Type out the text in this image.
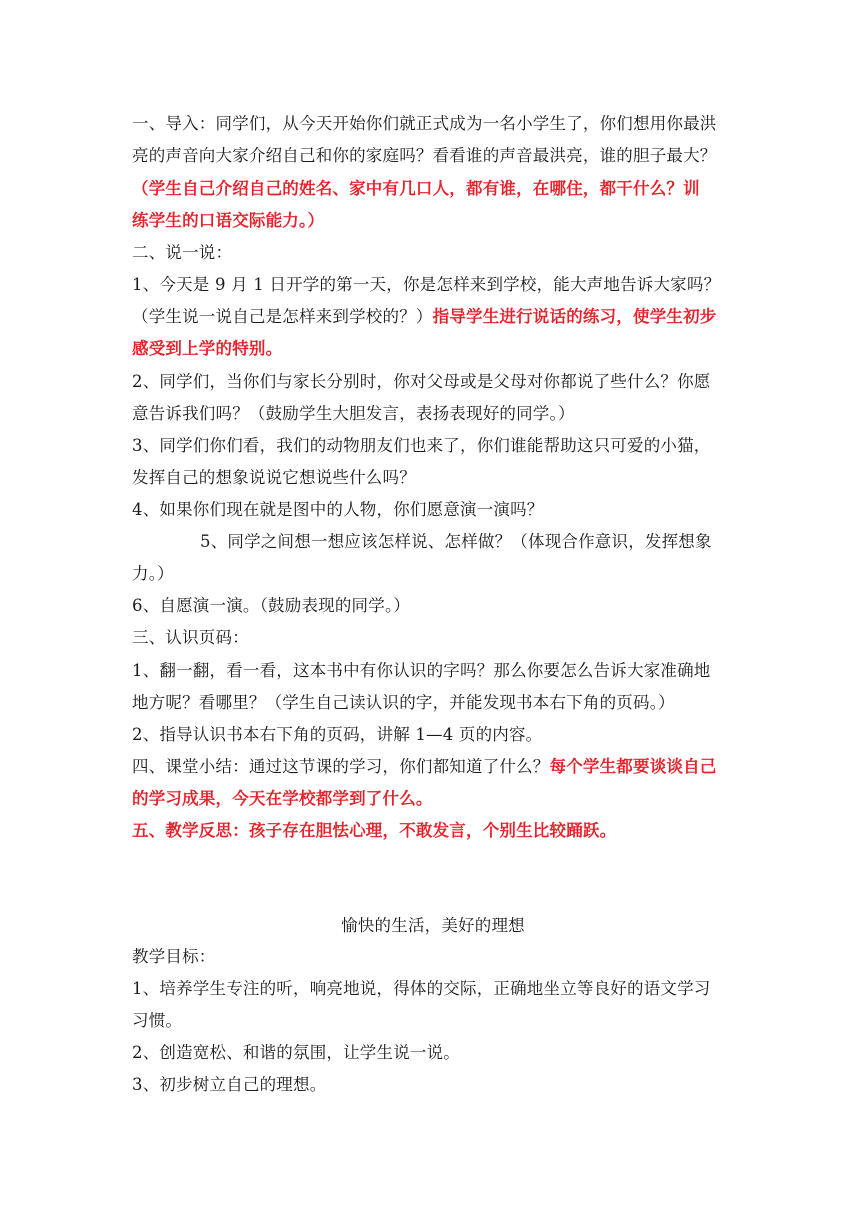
一、导入：同学们，从今天开始你们就正式成为一名小学生了，你们想用你最洪
亮的声音向大家介绍自己和你的家庭吗？看看谁的声音最洪亮，谁的胆子最大？
（学生自己介绍自己的姓名、家中有几口人，都有谁，在哪住，都干什么？训
练学生的口语交际能力。）
二、说一说：
1、今天是 9 月 1 日开学的第一天，你是怎样来到学校，能大声地告诉大家吗？
（学生说一说自己是怎样来到学校的？）指导学生进行说话的练习，使学生初步
感受到上学的特别。
2、同学们，当你们与家长分别时，你对父母或是父母对你都说了些什么？你愿
意告诉我们吗？（鼓励学生大胆发言，表扬表现好的同学。）
3、同学们你们看，我们的动物朋友们也来了，你们谁能帮助这只可爱的小猫，
发挥自己的想象说说它想说些什么吗？
4、如果你们现在就是图中的人物，你们愿意演一演吗？
5、同学之间想一想应该怎样说、怎样做？（体现合作意识，发挥想象
力。）
6、自愿演一演。（鼓励表现的同学。）
三、认识页码：
1、翻一翻，看一看，这本书中有你认识的字吗？那么你要怎么告诉大家准确地
地方呢？看哪里？（学生自己读认识的字，并能发现书本右下角的页码。）
2、指导认识书本右下角的页码，讲解 1—4 页的内容。
四、课堂小结：通过这节课的学习，你们都知道了什么？每个学生都要谈谈自己
的学习成果，今天在学校都学到了什么。
五、教学反思：孩子存在胆怯心理，不敢发言，个别生比较踊跃。
愉快的生活，美好的理想
教学目标：
1、培养学生专注的听，响亮地说，得体的交际，正确地坐立等良好的语文学习
习惯。
2、创造宽松、和谐的氛围，让学生说一说。
3、初步树立自己的理想。
